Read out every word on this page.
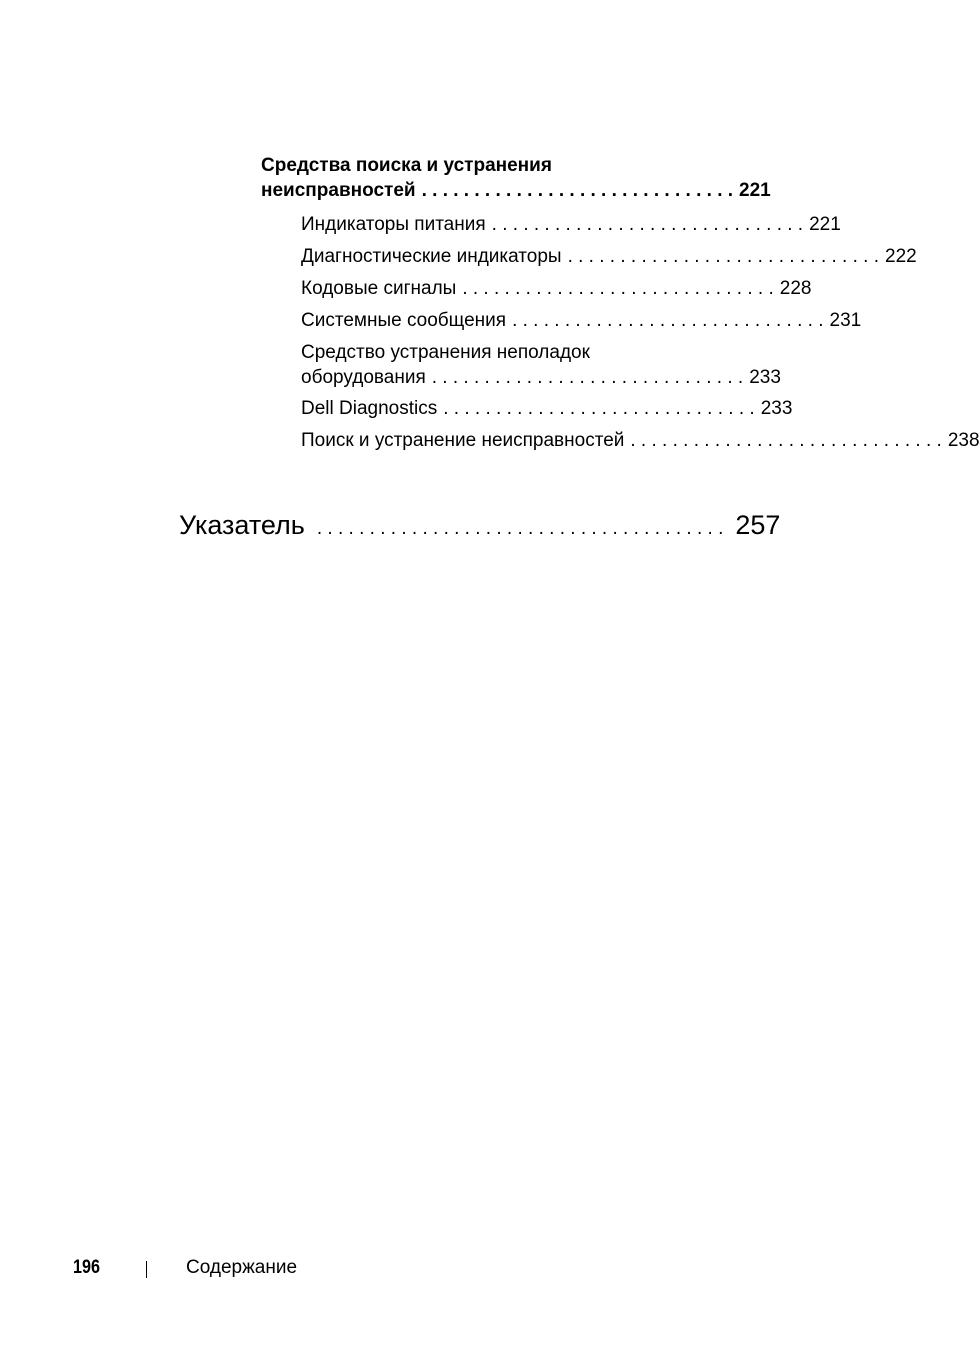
Средства поиска и устранения
неисправностей . . . . . . . . . . . . . . . . . . . . . . . . . . . . . . 221
Индикаторы питания . . . . . . . . . . . . . . . . . . . . . . . . . . . . . . 221
Диагностические индикаторы . . . . . . . . . . . . . . . . . . . . . . . . . . . . . . 222
Кодовые сигналы . . . . . . . . . . . . . . . . . . . . . . . . . . . . . . 228
Системные сообщения . . . . . . . . . . . . . . . . . . . . . . . . . . . . . . 231
Средство устранения неполадок
оборудования . . . . . . . . . . . . . . . . . . . . . . . . . . . . . . 233
Dell Diagnostics . . . . . . . . . . . . . . . . . . . . . . . . . . . . . . 233
Поиск и устранение неисправностей . . . . . . . . . . . . . . . . . . . . . . . . . . . . . . 238
Указатель . . . . . . . . . . . . . . . . . . . . . . . . . . . . . . . . . . . . . . . 257
196	Содержание
